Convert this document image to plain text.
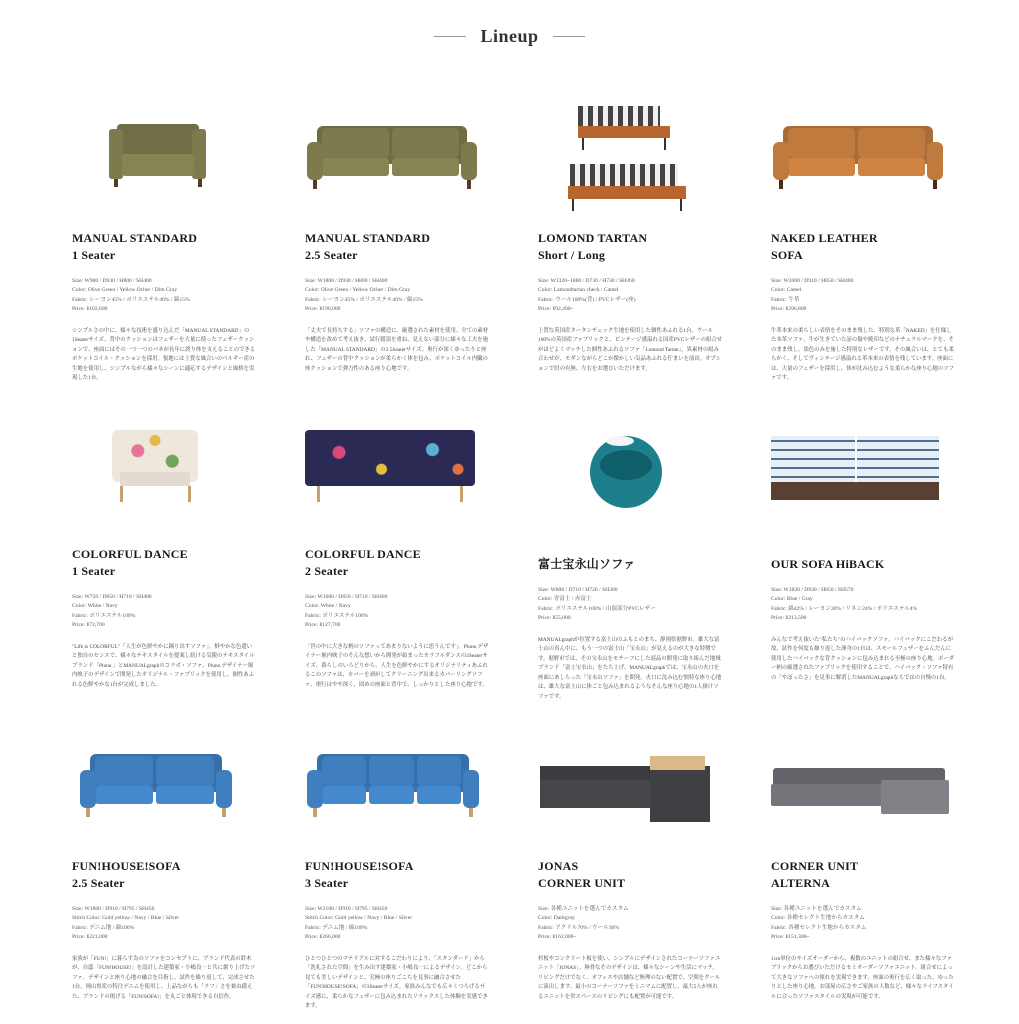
Lineup
MANUAL STANDARD
1 Seater
Size: W900 / D930 / H800 / SH400
Color: Olive Green / Yellow Ocher / Dim Gray
Fabric: レーヨン45% / ポリエステル40% / 綿15%
Price: ¥102,600
シンプルさの中に、様々な技術を盛り込んだ「MANUAL STANDARD」の1Seaterサイズ。背中のクッションはフェザーを大量に使ったフェザークッションで、座面にはその一つ一つのバネが長年に渡り体を支えることのできるポケットコイル・クッションを採用。張地には上質な風合いのベルギー産の生地を使用し、シンプルながら様々なシーンに適応するデザインと風格を実現した1台。
MANUAL STANDARD
2.5 Seater
Size: W1800 / D930 / H800 / SH400
Color: Olive Green / Yellow Ocher / Dim Gray
Fabric: レーヨン45% / ポリエステル40% / 綿15%
Price: ¥190,000
「丈夫で長持ちする」ソファの構造に、厳選された素材を使用。全ての素材や構造を改めて考え抜き、試行錯誤を重ね、見えない部分に様々な工夫を施した「MANUAL STANDARD」の2.5Seaterサイズ。奥行が深くゆったりと座れ、フェザーの背中クッションが柔らかく体を包み、ポケットコイル内臓の座クッションで弾力性のある座り心地です。
LOMOND TARTAN
Short / Long
Size: W1320~1880 / D730 / H730 / SH360
Color: Lamondtartan check / Camel
Fabric: ウール100%(背) / PVCレザー(座)
Price: ¥92,200~
上質な英国産タータンチェック生地を使用した個性あふれる1台。ウール100%の英国産ファブリックと、ビンテージ感溢れる国産PVCレザーの組合せがほどよくマッチした個性あふれるソファ「Lomond Tartan」。異素材の組み合わせが、モダンながらどこか懐かしい気品あふれる佇まいを演出。オプションで肘の有無、左右をお選びいただけます。
NAKED LEATHER
SOFA
Size: W2000 / D910 / H850 / SH400
Color: Camel
Fabric: 牛革
Price: ¥296,800
牛革本来の柔らしい表情をそのまま残した、特別な革「NAKED」を仕様した本革ソファ。牛が生きていた証の傷や焼印などのナチュラルマークを、そのまま残し、染色のみを施した特別なレザーです。その風合いは、とても柔らかく、そしてヴィンテージ感溢れる革本来の表情を残しています。座面には、大量のフェザーを採用し、体が沈み込むような柔らかな座り心地のソファです。
COLORFUL DANCE
1 Seater
Size: W750 / D650 / H710 / SH400
Color: White / Navy
Fabric: ポリエステル100%
Price: ¥73,700
"Life is COLORFUL"「人生が色鮮やかに踊り出すソファ」。鮮やかな色遣いと独自のセンスで、様々なテキスタイルを提案し続ける気鋭のテキスタイルブランド「Plune.」とMANUALgraphのコラボ・ソファ。Plune.デザイナー堀内映子のデザインで開発したオリジナル・ファブリックを使用し、個性あふれる色鮮やかな1台が完成しました。
COLORFUL DANCE
2 Seater
Size: W1600 / D650 / H710 / SH400
Color: White / Navy
Fabric: ポリエステル100%
Price: ¥127,700
「世の中に大きな柄のソファってあまりないように思うんです」。Plune.デザイナー堀内映子のそんな想いから開発が始まったカラフルダンスの2Seaterサイズ。暮らしのいろどりから、人生を色鮮やかにするオリジナリティあふれるこのソファは、カバーを剥がしてクリーニング出来るカバーリングソファ。奥行はやや深く、固めの座面と背中で、しっかりとした座り心地です。
富士宝永山ソファ
Size: W800 / D710 / H720 / SH380
Color: 青富士 / 赤富士
Fabric: ポリエステル100% / 山頂部分PVCレザー
Price: ¥55,000
MANUALgraphが位置する富士山のふもとのまち、静岡県裾野市。雄大な富士山の真ん中に、もう一つの富士山「宝永山」が見えるのが大きな特徴です。裾野市では、その宝永山をモチーフにした商品の開発に取り組んだ地域ブランド「富士宝永山」をたち上げ、MANUALgraphでは、宝永山の火口を座面にあしらった「宝永山ソファ」を開発。火口に沈み込む独特な座り心地は、雄大な富士山に体ごと包み込まれるようなそんな座り心地の1人掛けソファです。
OUR SOFA HiBACK
Size: W1820 / D930 / H850 / SH570
Color: Blue / Gray
Fabric: 綿42% / レーヨン30% / リネン24% / ポリエステル4%
Price: ¥213,500
みんなで考え抜いた"私たち"のハイバックソファ。ハイバックにこだわるが故、試作を何度も繰り返した渾身の1台は、スモールフェザーをふんだんに使用したハイバックな背クッションに包み込まれる至極の座り心地。ボーダー柄の厳選されたファブリックを使用することで、ハイバック・ソファ特有の「やぼったさ」を見事に解消したMANUALgraphならではの自慢の1台。
FUN!HOUSE!SOFA
2.5 Seater
Size: W1800 / D910 / H795 / SH450
Stitch Color: Gold yellow / Navy / Blue / Silver
Fabric: デニム地 / 綿100%
Price: ¥221,000
家族が「FUN!」に暮らす為のソファをコンセプトに、ブランド代表の鈴木が、自邸「FUN!HOUSE!」を設計した建築家・小嶋良一と共に創り上げたソファ。デザインと座り心地の融合を目指し、試作を繰り返して、完成させた1台。岡山県産の特注デニムを使用し、上品ながらも「ラフ」さを兼ね備えた、ブランドの掲げる「FUN!SOFA!」を丸ごと体現できる自信作。
FUN!HOUSE!SOFA
3 Seater
Size: W2100 / D910 / H795 / SH450
Stitch Color: Gold yellow / Navy / Blue / Silver
Fabric: デニム地 / 綿100%
Price: ¥266,000
ひとつひとつのマテリアルに対するこだわりにより、「スタンダード」から「洗礼された空間」を生み出す建築家・小嶋良一によるデザイン。どこから見ても美しいデザインと、究極の座りごこちを見事に融合させた「FUN!HOUSE!SOFA」の3Seaterサイズ。家族みんなでも広々くつろげるサイズ感に、柔らかなフェザーに包み込まれたリラックスした体験を実感できます。
JONAS
CORNER UNIT
Size: 各種ユニットを選んでカスタム
Color: Darkgray
Fabric: アクリル70% / ウール30%
Price: ¥162,000~
杉板やコンクリート板を使い、シンプルにデザインされたコーナーソファユニット「JONAS」。無骨なそのデザインは、様々なシーンや生活にマッチ。リビングだけでなく、オフィスや店舗など無理のない配置で、空間をクールに演出します。最小のコーナーソファをミニマムに配置し、最大5人が座れるユニットを省スペースのリビングにも配置が可能です。
CORNER UNIT
ALTERNA
Size: 各種ユニットを選んでカスタム
Color: 各種セレクト生地からカスタム
Fabric: 各種セレクト生地からカスタム
Price: ¥151,300~
1cm単位のサイズオーダーから、複数のユニットの組合せ、また様々なファブリックからお選びいただけるセミオーダーソファユニット。組合せによって大きなソファへの憧れを実現できます。座面の奥行を広く取った、ゆったりとした座り心地。お部屋の広さやご家族の人数など、様々なライフスタイルに合ったソファスタイルの実現が可能です。
